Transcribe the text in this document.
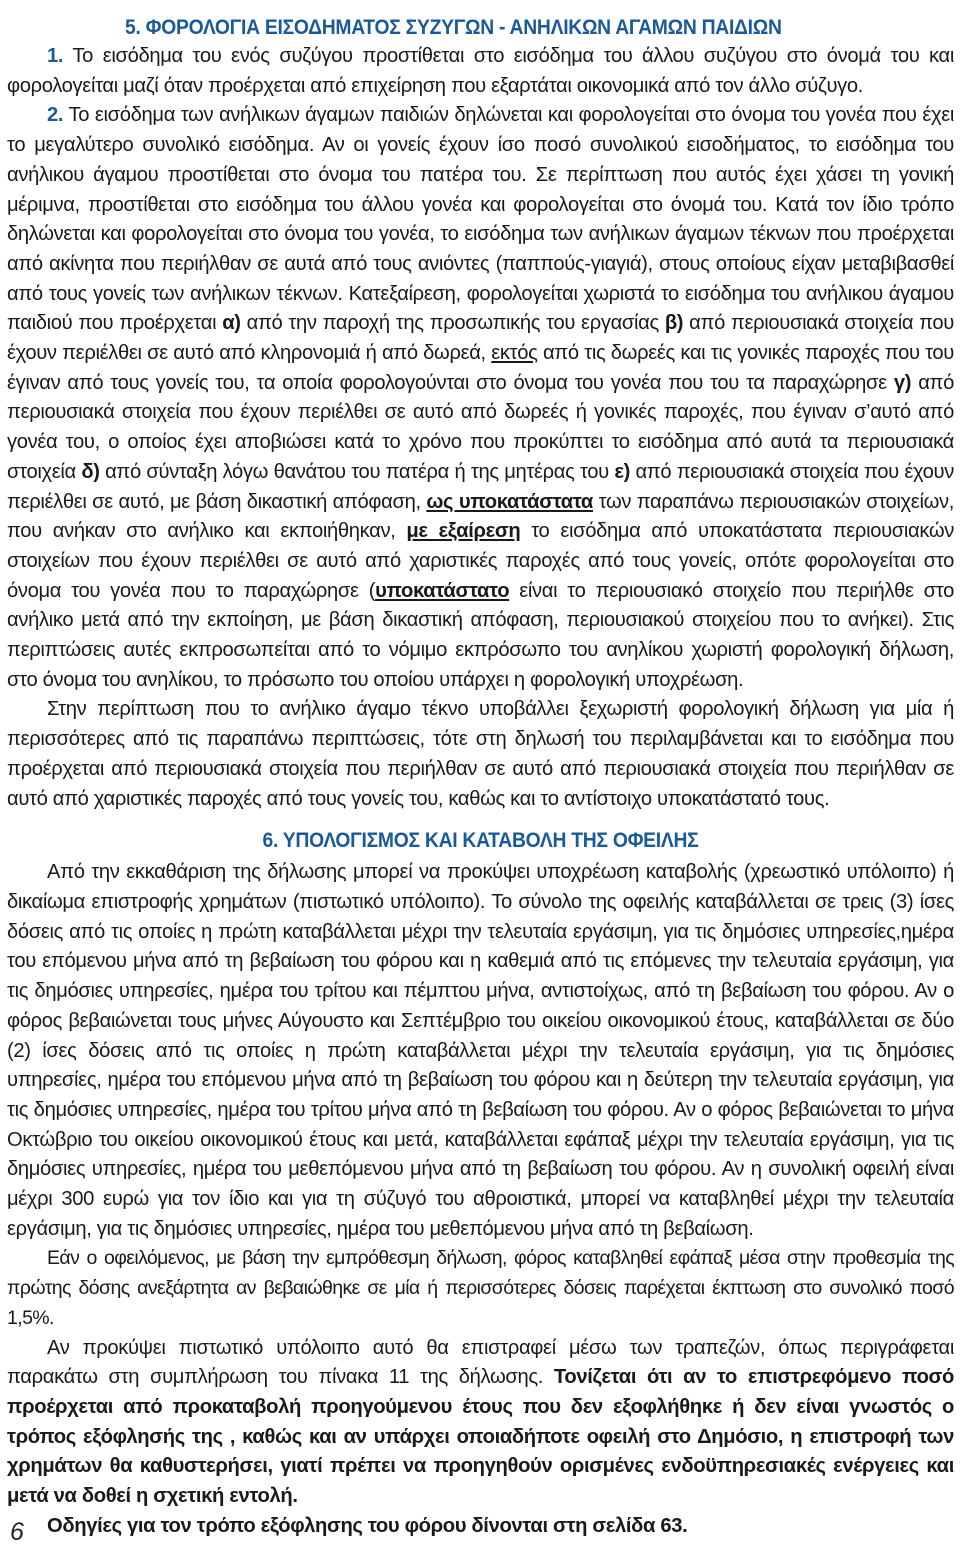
5. ΦΟΡΟΛΟΓΙΑ ΕΙΣΟΔΗΜΑΤΟΣ ΣΥΖΥΓΩΝ - ΑΝΗΛΙΚΩΝ ΑΓΑΜΩΝ ΠΑΙΔΙΩΝ

1. Το εισόδημα του ενός συζύγου προστίθεται στο εισόδημα του άλλου συζύγου στο όνομά του και φορολογείται μαζί όταν προέρχεται από επιχείρηση που εξαρτάται οικονομικά από τον άλλο σύζυγο.

2. Το εισόδημα των ανήλικων άγαμων παιδιών δηλώνεται και φορολογείται στο όνομα του γονέα που έχει το μεγαλύτερο συνολικό εισόδημα. Αν οι γονείς έχουν ίσο ποσό συνολικού εισοδήματος, το εισόδημα του ανήλικου άγαμου προστίθεται στο όνομα του πατέρα του. Σε περίπτωση που αυτός έχει χάσει τη γονική μέριμνα, προστίθεται στο εισόδημα του άλλου γονέα και φορολογείται στο όνομά του. Κατά τον ίδιο τρόπο δηλώνεται και φορολογείται στο όνομα του γονέα, το εισόδημα των ανήλικων άγαμων τέκνων που προέρχεται από ακίνητα που περιήλθαν σε αυτά από τους ανιόντες (παππούς-γιαγιά), στους οποίους είχαν μεταβιβασθεί από τους γονείς των ανήλικων τέκνων. Κατεξαίρεση, φορολογείται χωριστά το εισόδημα του ανήλικου άγαμου παιδιού που προέρχεται α) από την παροχή της προσωπικής του εργασίας β) από περιουσιακά στοιχεία που έχουν περιέλθει σε αυτό από κληρονομιά ή από δωρεά, εκτός από τις δωρεές και τις γονικές παροχές που του έγιναν από τους γονείς του, τα οποία φορολογούνται στο όνομα του γονέα που του τα παραχώρησε γ) από περιουσιακά στοιχεία που έχουν περιέλθει σε αυτό από δωρεές ή γονικές παροχές, που έγιναν σ’αυτό από γονέα του, ο οποίος έχει αποβιώσει κατά το χρόνο που προκύπτει το εισόδημα από αυτά τα περιουσιακά στοιχεία δ) από σύνταξη λόγω θανάτου του πατέρα ή της μητέρας του ε) από περιουσιακά στοιχεία που έχουν περιέλθει σε αυτό, με βάση δικαστική απόφαση, ως υποκατάστατα των παραπάνω περιουσιακών στοιχείων, που ανήκαν στο ανήλικο και εκποιήθηκαν, με εξαίρεση το εισόδημα από υποκατάστατα περιουσιακών στοιχείων που έχουν περιέλθει σε αυτό από χαριστικές παροχές από τους γονείς, οπότε φορολογείται στο όνομα του γονέα που το παραχώρησε (υποκατάστατο είναι το περιουσιακό στοιχείο που περιήλθε στο ανήλικο μετά από την εκποίηση, με βάση δικαστική απόφαση, περιουσιακού στοιχείου που το ανήκει). Στις περιπτώσεις αυτές εκπροσωπείται από το νόμιμο εκπρόσωπο του ανηλίκου χωριστή φορολογική δήλωση, στο όνομα του ανηλίκου, το πρόσωπο του οποίου υπάρχει η φορολογική υποχρέωση.

Στην περίπτωση που το ανήλικο άγαμο τέκνο υποβάλλει ξεχωριστή φορολογική δήλωση για μία ή περισσότερες από τις παραπάνω περιπτώσεις, τότε στη δηλωσή του περιλαμβάνεται και το εισόδημα που προέρχεται από περιουσιακά στοιχεία που περιήλθαν σε αυτό από περιουσιακά στοιχεία που περιήλθαν σε αυτό από χαριστικές παροχές από τους γονείς του, καθώς και το αντίστοιχο υποκατάστατό τους.

6. ΥΠΟΛΟΓΙΣΜΟΣ ΚΑΙ ΚΑΤΑΒΟΛΗ ΤΗΣ ΟΦΕΙΛΗΣ

Από την εκκαθάριση της δήλωσης μπορεί να προκύψει υποχρέωση καταβολής (χρεωστικό υπόλοιπο) ή δικαίωμα επιστροφής χρημάτων (πιστωτικό υπόλοιπο). Το σύνολο της οφειλής καταβάλλεται σε τρεις (3) ίσες δόσεις από τις οποίες η πρώτη καταβάλλεται μέχρι την τελευταία εργάσιμη, για τις δημόσιες υπηρεσίες,ημέρα του επόμενου μήνα από τη βεβαίωση του φόρου και η καθεμιά από τις επόμενες την τελευταία εργάσιμη, για τις δημόσιες υπηρεσίες, ημέρα του τρίτου και πέμπτου μήνα, αντιστοίχως, από τη βεβαίωση του φόρου. Αν ο φόρος βεβαιώνεται τους μήνες Αύγουστο και Σεπτέμβριο του οικείου οικονομικού έτους, καταβάλλεται σε δύο (2) ίσες δόσεις από τις οποίες η πρώτη καταβάλλεται μέχρι την τελευταία εργάσιμη, για τις δημόσιες υπηρεσίες, ημέρα του επόμενου μήνα από τη βεβαίωση του φόρου και η δεύτερη την τελευταία εργάσιμη, για τις δημόσιες υπηρεσίες, ημέρα του τρίτου μήνα από τη βεβαίωση του φόρου. Αν ο φόρος βεβαιώνεται το μήνα Οκτώβριο του οικείου οικονομικού έτους και μετά, καταβάλλεται εφάπαξ μέχρι την τελευταία εργάσιμη, για τις δημόσιες υπηρεσίες, ημέρα του μεθεπόμενου μήνα από τη βεβαίωση του φόρου. Αν η συνολική οφειλή είναι μέχρι 300 ευρώ για τον ίδιο και για τη σύζυγό του αθροιστικά, μπορεί να καταβληθεί μέχρι την τελευταία εργάσιμη, για τις δημόσιες υπηρεσίες, ημέρα του μεθεπόμενου μήνα από τη βεβαίωση.

Εάν ο οφειλόμενος, με βάση την εμπρόθεσμη δήλωση, φόρος καταβληθεί εφάπαξ μέσα στην προθεσμία της πρώτης δόσης ανεξάρτητα αν βεβαιώθηκε σε μία ή περισσότερες δόσεις παρέχεται έκπτωση στο συνολικό ποσό 1,5%.

Αν προκύψει πιστωτικό υπόλοιπο αυτό θα επιστραφεί μέσω των τραπεζών, όπως περιγράφεται παρακάτω στη συμπλήρωση του πίνακα 11 της δήλωσης. Τονίζεται ότι αν το επιστρεφόμενο ποσό προέρχεται από προκαταβολή προηγούμενου έτους που δεν εξοφλήθηκε ή δεν είναι γνωστός ο τρόπος εξόφλησής της , καθώς και αν υπάρχει οποιαδήποτε οφειλή στο Δημόσιο, η επιστροφή των χρημάτων θα καθυστερήσει, γιατί πρέπει να προηγηθούν ορισμένες ενδοϋπηρεσιακές ενέργειες και μετά να δοθεί η σχετική εντολή.

Οδηγίες για τον τρόπο εξόφλησης του φόρου δίνονται στη σελίδα 63.

6
